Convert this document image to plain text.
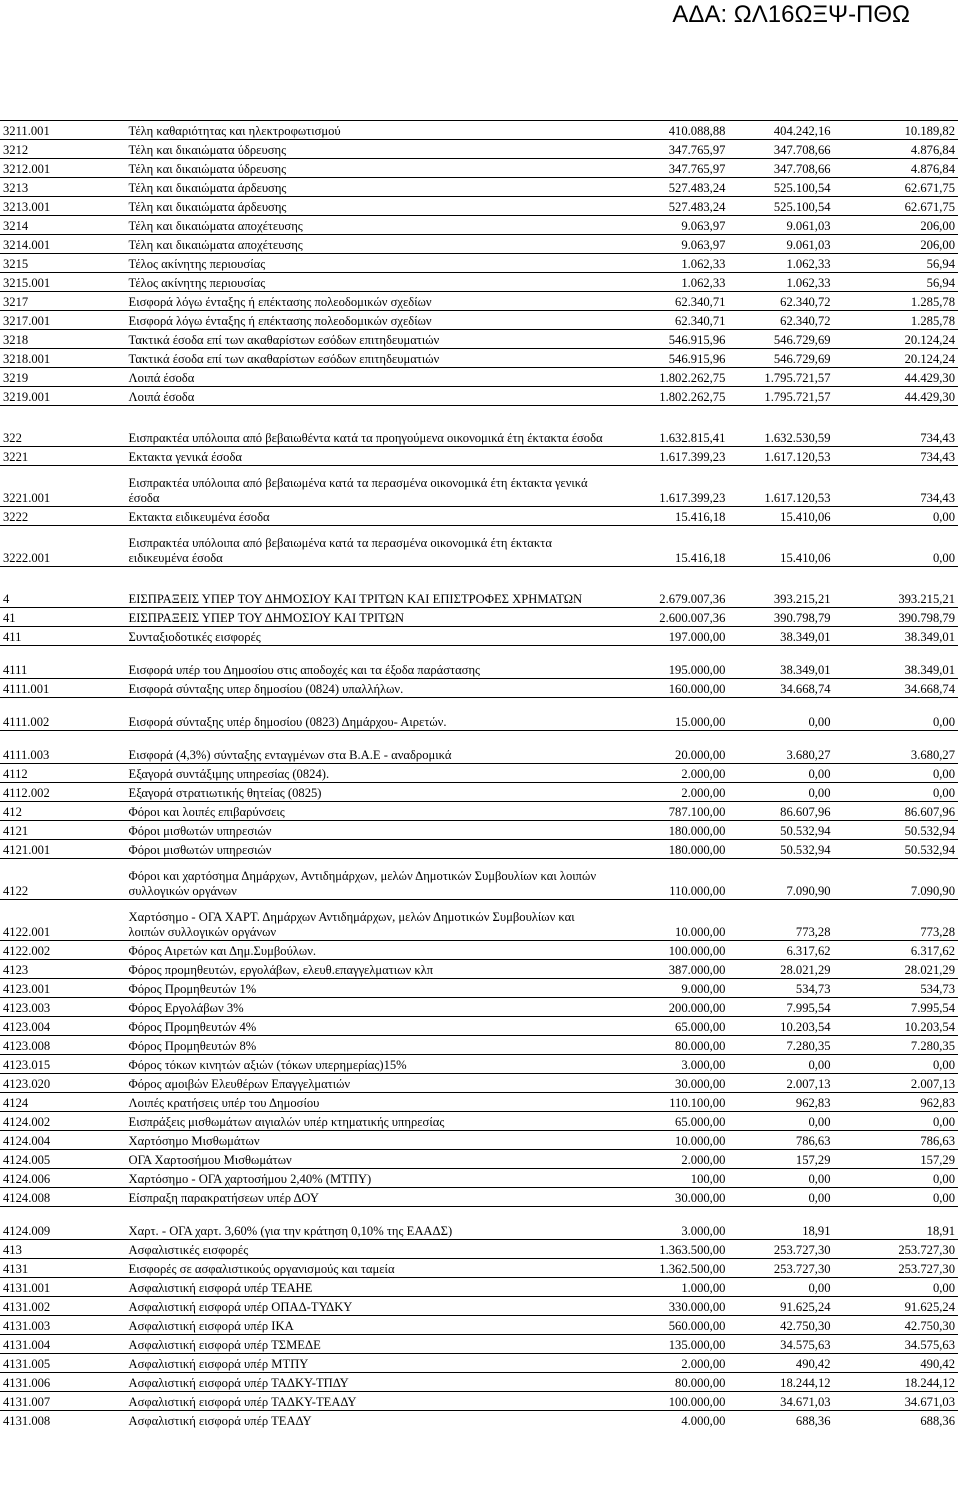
ΑΔΑ: ΩΛ16ΩΞΨ-ΠΘΩ
3211.001	Τέλη καθαριότητας και ηλεκτροφωτισμού	410.088,88	404.242,16	10.189,82
3212	Τέλη και δικαιώματα ύδρευσης	347.765,97	347.708,66	4.876,84
3212.001	Τέλη και δικαιώματα ύδρευσης	347.765,97	347.708,66	4.876,84
3213	Τέλη και δικαιώματα άρδευσης	527.483,24	525.100,54	62.671,75
3213.001	Τέλη και δικαιώματα άρδευσης	527.483,24	525.100,54	62.671,75
3214	Τέλη και δικαιώματα αποχέτευσης	9.063,97	9.061,03	206,00
3214.001	Τέλη και δικαιώματα αποχέτευσης	9.063,97	9.061,03	206,00
3215	Τέλος ακίνητης περιουσίας	1.062,33	1.062,33	56,94
3215.001	Τέλος ακίνητης περιουσίας	1.062,33	1.062,33	56,94
3217	Εισφορά λόγω ένταξης ή επέκτασης πολεοδομικών σχεδίων	62.340,71	62.340,72	1.285,78
3217.001	Εισφορά λόγω ένταξης ή επέκτασης πολεοδομικών σχεδίων	62.340,71	62.340,72	1.285,78
3218	Τακτικά έσοδα επί των ακαθαρίστων εσόδων επιτηδευματιών	546.915,96	546.729,69	20.124,24
3218.001	Τακτικά έσοδα επί των ακαθαρίστων εσόδων επιτηδευματιών	546.915,96	546.729,69	20.124,24
3219	Λοιπά έσοδα	1.802.262,75	1.795.721,57	44.429,30
3219.001	Λοιπά έσοδα	1.802.262,75	1.795.721,57	44.429,30
322	Εισπρακτέα υπόλοιπα από βεβαιωθέντα κατά τα προηγούμενα οικονομικά έτη έκτακτα έσοδα	1.632.815,41	1.632.530,59	734,43
3221	Εκτακτα γενικά έσοδα	1.617.399,23	1.617.120,53	734,43
3221.001	Εισπρακτέα υπόλοιπα από βεβαιωμένα κατά τα περασμένα οικονομικά έτη έκτακτα γενικά έσοδα	1.617.399,23	1.617.120,53	734,43
3222	Εκτακτα ειδικευμένα έσοδα	15.416,18	15.410,06	0,00
3222.001	Εισπρακτέα υπόλοιπα από βεβαιωμένα κατά τα περασμένα οικονομικά έτη έκτακτα ειδικευμένα έσοδα	15.416,18	15.410,06	0,00
4	ΕΙΣΠΡΑΞΕΙΣ ΥΠΕΡ ΤΟΥ ΔΗΜΟΣΙΟΥ ΚΑΙ ΤΡΙΤΩΝ ΚΑΙ ΕΠΙΣΤΡΟΦΕΣ ΧΡΗΜΑΤΩΝ	2.679.007,36	393.215,21	393.215,21
41	ΕΙΣΠΡΑΞΕΙΣ ΥΠΕΡ ΤΟΥ ΔΗΜΟΣΙΟΥ ΚΑΙ ΤΡΙΤΩΝ	2.600.007,36	390.798,79	390.798,79
411	Συνταξιοδοτικές εισφορές	197.000,00	38.349,01	38.349,01
4111	Εισφορά υπέρ του Δημοσίου στις αποδοχές και τα έξοδα παράστασης	195.000,00	38.349,01	38.349,01
4111.001	Εισφορά σύνταξης υπερ δημοσίου (0824) υπαλλήλων.	160.000,00	34.668,74	34.668,74
4111.002	Εισφορά σύνταξης υπέρ δημοσίου (0823) Δημάρχου- Αιρετών.	15.000,00	0,00	0,00
4111.003	Εισφορά (4,3%) σύνταξης ενταγμένων στα Β.Α.Ε - αναδρομικά	20.000,00	3.680,27	3.680,27
4112	Εξαγορά συντάξιμης υπηρεσίας (0824).	2.000,00	0,00	0,00
4112.002	Εξαγορά στρατιωτικής θητείας (0825)	2.000,00	0,00	0,00
412	Φόροι και λοιπές επιβαρύνσεις	787.100,00	86.607,96	86.607,96
4121	Φόροι μισθωτών υπηρεσιών	180.000,00	50.532,94	50.532,94
4121.001	Φόροι μισθωτών υπηρεσιών	180.000,00	50.532,94	50.532,94
4122	Φόροι και χαρτόσημα Δημάρχων, Αντιδημάρχων, μελών Δημοτικών Συμβουλίων και λοιπών συλλογικών οργάνων	110.000,00	7.090,90	7.090,90
4122.001	Χαρτόσημο - ΟΓΑ ΧΑΡΤ. Δημάρχων Αντιδημάρχων, μελών Δημοτικών Συμβουλίων και λοιπών συλλογικών οργάνων	10.000,00	773,28	773,28
4122.002	Φόρος Αιρετών και Δημ.Συμβούλων.	100.000,00	6.317,62	6.317,62
4123	Φόρος προμηθευτών, εργολάβων, ελευθ.επαγγελματιων κλπ	387.000,00	28.021,29	28.021,29
4123.001	Φόρος Προμηθευτών 1%	9.000,00	534,73	534,73
4123.003	Φόρος Εργολάβων 3%	200.000,00	7.995,54	7.995,54
4123.004	Φόρος Προμηθευτών 4%	65.000,00	10.203,54	10.203,54
4123.008	Φόρος Προμηθευτών 8%	80.000,00	7.280,35	7.280,35
4123.015	Φόρος τόκων κινητών αξιών (τόκων υπερημερίας)15%	3.000,00	0,00	0,00
4123.020	Φόρος αμοιβών Ελευθέρων Επαγγελματιών	30.000,00	2.007,13	2.007,13
4124	Λοιπές κρατήσεις υπέρ του Δημοσίου	110.100,00	962,83	962,83
4124.002	Εισπράξεις μισθωμάτων αιγιαλών υπέρ κτηματικής υπηρεσίας	65.000,00	0,00	0,00
4124.004	Χαρτόσημο Μισθωμάτων	10.000,00	786,63	786,63
4124.005	ΟΓΑ Χαρτοσήμου Μισθωμάτων	2.000,00	157,29	157,29
4124.006	Χαρτόσημο - ΟΓΑ χαρτοσήμου 2,40% (ΜΤΠΥ)	100,00	0,00	0,00
4124.008	Είσπραξη παρακρατήσεων υπέρ ΔΟΥ	30.000,00	0,00	0,00
4124.009	Χαρτ. - ΟΓΑ χαρτ. 3,60% (για την κράτηση 0,10% της ΕΑΑΔΣ)	3.000,00	18,91	18,91
413	Ασφαλιστικές εισφορές	1.363.500,00	253.727,30	253.727,30
4131	Εισφορές σε ασφαλιστικούς οργανισμούς και ταμεία	1.362.500,00	253.727,30	253.727,30
4131.001	Ασφαλιστική εισφορά υπέρ ΤΕΑΗΕ	1.000,00	0,00	0,00
4131.002	Ασφαλιστική εισφορά υπέρ ΟΠΑΔ-ΤΥΔΚΥ	330.000,00	91.625,24	91.625,24
4131.003	Ασφαλιστική εισφορά υπέρ ΙΚΑ	560.000,00	42.750,30	42.750,30
4131.004	Ασφαλιστική εισφορά υπέρ ΤΣΜΕΔΕ	135.000,00	34.575,63	34.575,63
4131.005	Ασφαλιστική εισφορά υπέρ ΜΤΠΥ	2.000,00	490,42	490,42
4131.006	Ασφαλιστική εισφορά υπέρ ΤΑΔΚΥ-ΤΠΔΥ	80.000,00	18.244,12	18.244,12
4131.007	Ασφαλιστική εισφορά υπέρ ΤΑΔΚΥ-ΤΕΑΔΥ	100.000,00	34.671,03	34.671,03
4131.008	Ασφαλιστική εισφορά υπέρ ΤΕΑΔΥ	4.000,00	688,36	688,36
